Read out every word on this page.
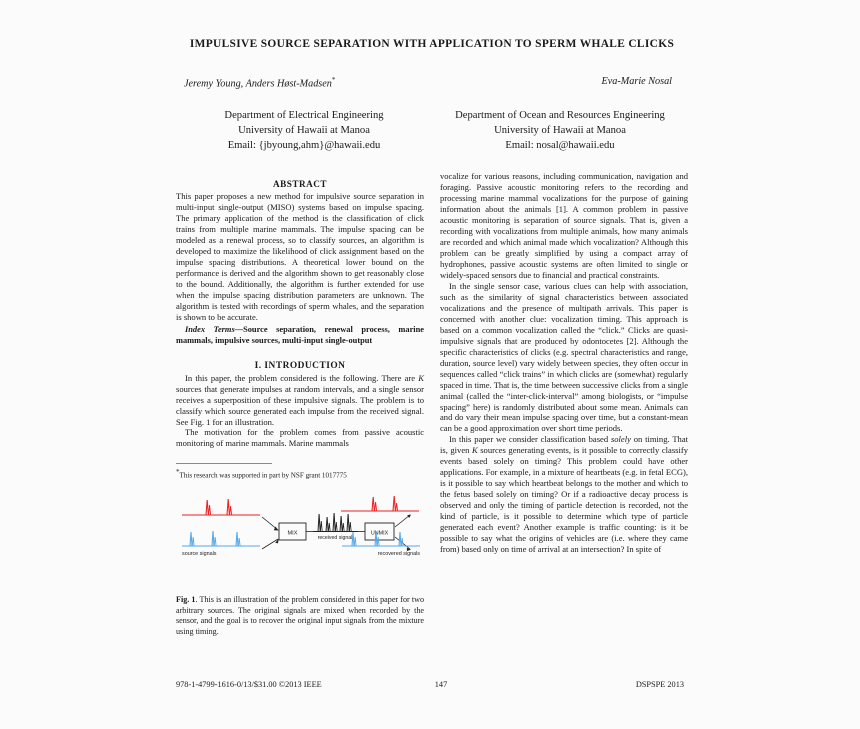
IMPULSIVE SOURCE SEPARATION WITH APPLICATION TO SPERM WHALE CLICKS
Jeremy Young, Anders Høst-Madsen*	Eva-Marie Nosal
Department of Electrical Engineering
University of Hawaii at Manoa
Email: {jbyoung,ahm}@hawaii.edu
Department of Ocean and Resources Engineering
University of Hawaii at Manoa
Email: nosal@hawaii.edu
ABSTRACT

This paper proposes a new method for impulsive source separation in multi-input single-output (MISO) systems based on impulse spacing. The primary application of the method is the classification of click trains from multiple marine mammals. The impulse spacing can be modeled as a renewal process, so to classify sources, an algorithm is developed to maximize the likelihood of click assignment based on the impulse spacing distributions. A theoretical lower bound on the performance is derived and the algorithm shown to get reasonably close to the bound. Additionally, the algorithm is further extended for use when the impulse spacing distribution parameters are unknown. The algorithm is tested with recordings of sperm whales, and the separation is shown to be accurate.

Index Terms—Source separation, renewal process, marine mammals, impulsive sources, multi-input single-output

I. INTRODUCTION

In this paper, the problem considered is the following. There are K sources that generate impulses at random intervals, and a single sensor receives a superposition of these impulsive signals. The problem is to classify which source generated each impulse from the received signal. See Fig. 1 for an illustration.

The motivation for the problem comes from passive acoustic monitoring of marine mammals. Marine mammals

*This research was supported in part by NSF grant 1017775

source signals
MIX
received signal
UNMIX
recovered signals

Fig. 1. This is an illustration of the problem considered in this paper for two arbitrary sources. The original signals are mixed when recorded by the sensor, and the goal is to recover the original input signals from the mixture using timing.

vocalize for various reasons, including communication, navigation and foraging. Passive acoustic monitoring refers to the recording and processing marine mammal vocalizations for the purpose of gaining information about the animals [1]. A common problem in passive acoustic monitoring is separation of source signals. That is, given a recording with vocalizations from multiple animals, how many animals are recorded and which animal made which vocalization? Although this problem can be greatly simplified by using a compact array of hydrophones, passive acoustic systems are often limited to single or widely-spaced sensors due to financial and practical constraints.

In the single sensor case, various clues can help with association, such as the similarity of signal characteristics between associated vocalizations and the presence of multipath arrivals. This paper is concerned with another clue: vocalization timing. This approach is based on a common vocalization called the “click.” Clicks are quasi-impulsive signals that are produced by odontocetes [2]. Although the specific characteristics of clicks (e.g. spectral characteristics and range, duration, source level) vary widely between species, they often occur in sequences called “click trains” in which clicks are (somewhat) regularly spaced in time. That is, the time between successive clicks from a single animal (called the “inter-click-interval” among biologists, or “impulse spacing” here) is randomly distributed about some mean. Animals can and do vary their mean impulse spacing over time, but a constant-mean can be a good approximation over short time periods.

In this paper we consider classification based solely on timing. That is, given K sources generating events, is it possible to correctly classify events based solely on timing? This problem could have other applications. For example, in a mixture of heartbeats (e.g. in fetal ECG), is it possible to say which heartbeat belongs to the mother and which to the fetus based solely on timing? Or if a radioactive decay process is observed and only the timing of particle detection is recorded, not the kind of particle, is it possible to determine which type of particle generated each event? Another example is traffic counting: is it be possible to say what the origins of vehicles are (i.e. where they came from) based only on time of arrival at an intersection? In spite of

978-1-4799-1616-0/13/$31.00 ©2013 IEEE	147	DSPSPE 2013
